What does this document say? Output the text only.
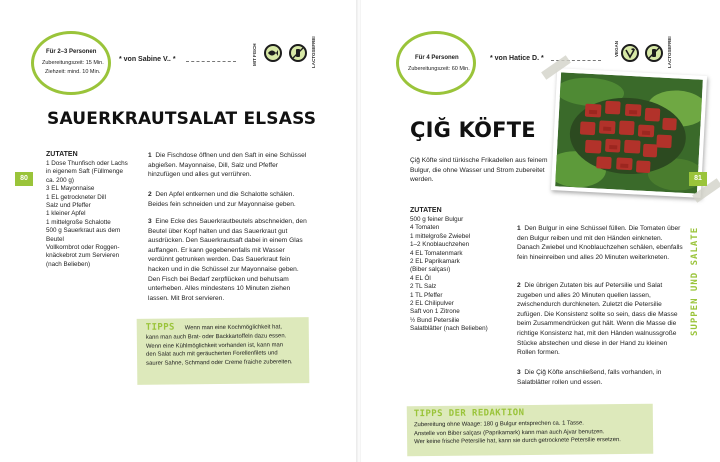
Für 2–3 Personen
Zubereitungszeit: 15 Min.
Ziehzeit: mind. 10 Min.
* von Sabine V.. *	MIT FISCH	LACTOSEFREI
SAUERKRAUTSALAT ELSASS
80
ZUTATEN
1 Dose Thunfisch oder Lachs
in eigenem Saft (Füllmenge
ca. 200 g)
3 EL Mayonnaise
1 EL getrockneter Dill
Salz und Pfeffer
1 kleiner Apfel
1 mittelgroße Schalotte
500 g Sauerkraut aus dem
Beutel
Vollkornbrot oder Roggen-
knäckebrot zum Servieren
(nach Belieben)
1 Die Fischdose öffnen und den Saft in eine Schüssel abgießen. Mayonnaise, Dill, Salz und Pfeffer hinzufügen und alles gut verrühren.
2 Den Apfel entkernen und die Schalotte schälen. Beides fein schneiden und zur Mayonnaise geben.
3 Eine Ecke des Sauerkrautbeutels abschneiden, den Beutel über Kopf halten und das Sauerkraut gut ausdrücken. Den Sauerkrautsaft dabei in einem Glas auffangen. Er kann gegebenenfalls mit Wasser verdünnt getrunken werden. Das Sauerkraut fein hacken und in die Schüssel zur Mayonnaise geben. Den Fisch bei Bedarf zerpflücken und behutsam unterheben. Alles mindestens 10 Minuten ziehen lassen. Mit Brot servieren.
TIPPS Wenn man eine Kochmöglichkeit hat,
kann man auch Brat- oder Backkartoffeln dazu essen.
Wenn eine Kühlmöglichkeit vorhanden ist, kann man
den Salat auch mit geräucherten Forellenfilets und
saurer Sahne, Schmand oder Creme fraiche zubereiten.
Für 4 Personen
Zubereitungszeit: 60 Min.
* von Hatice D. *
VEGAN	LACTOSEFREI
ÇIĞ KÖFTE
81
SUPPEN UND SALATE
Çiğ Köfte sind türkische Frikadellen aus feinem Bulgur, die ohne Wasser und Strom zubereitet werden.
ZUTATEN
500 g feiner Bulgur
4 Tomaten
1 mittelgroße Zwiebel
1–2 Knoblauchzehen
4 EL Tomatenmark
2 EL Paprikamark
(Biber salçası)
4 EL Öl
2 TL Salz
1 TL Pfeffer
2 EL Chilipulver
Saft von 1 Zitrone
½ Bund Petersilie
Salatblätter (nach Belieben)
1 Den Bulgur in eine Schüssel füllen. Die Tomaten über den Bulgur reiben und mit den Händen einkneten. Danach Zwiebel und Knoblauchzehen schälen, ebenfalls fein hineinreiben und alles 20 Minuten weiterkneten.
2 Die übrigen Zutaten bis auf Petersilie und Salat zugeben und alles 20 Minuten quellen lassen, zwischendurch durchkneten. Zuletzt die Petersilie zufügen. Die Konsistenz sollte so sein, dass die Masse beim Zusammendrücken gut hält. Wenn die Masse die richtige Konsistenz hat, mit den Händen walnussgroße Stücke abstechen und diese in der Hand zu kleinen Rollen formen.
3 Die Çiğ Köfte anschließend, falls vorhanden, in Salatblätter rollen und essen.
TIPPS DER REDAKTION
Zubereitung ohne Waage: 180 g Bulgur entsprechen ca. 1 Tasse.
Anstelle von Biber salçası (Paprikamark) kann man auch Ajvar benutzen.
Wer keine frische Petersilie hat, kann sie durch getrocknete Petersilie ersetzen.
